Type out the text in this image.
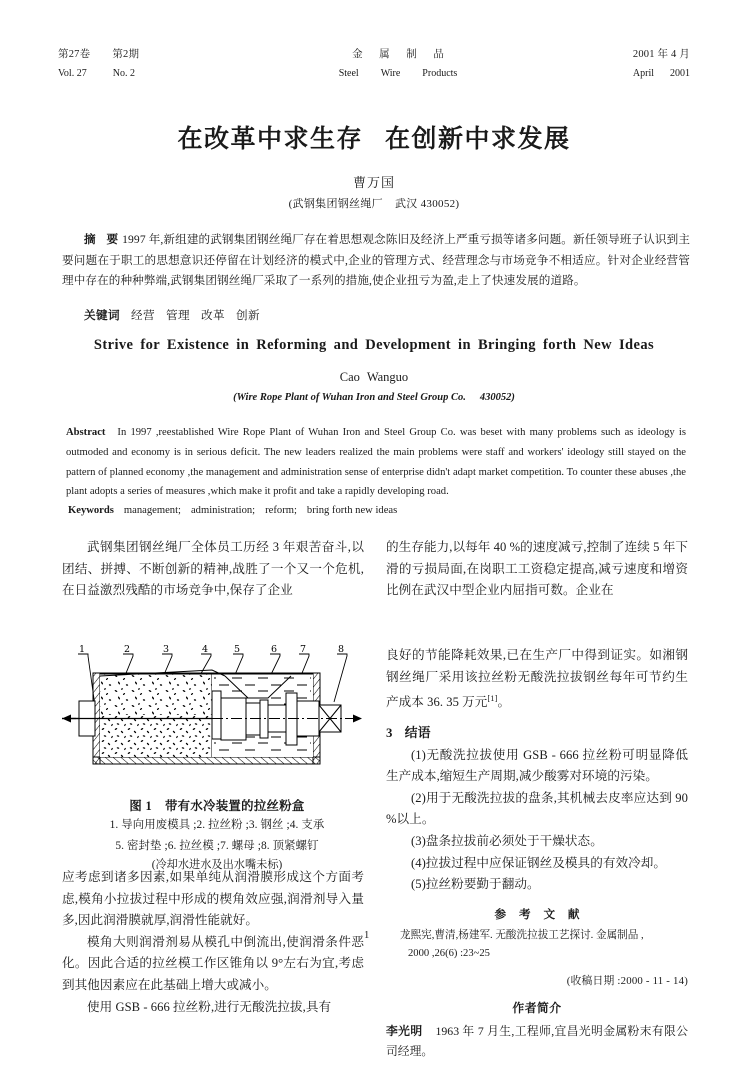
第27卷 第2期
Vol. 27	No. 2
金 属 制 品
Steel Wire Products
2001 年 4 月
April 2001
在改革中求生存 在创新中求发展
曹万国
(武钢集团钢丝绳厂 武汉 430052)
摘 要1997 年,新组建的武钢集团钢丝绳厂存在着思想观念陈旧及经济上严重亏损等诸多问题。新任领导班子认识到主要问题在于职工的思想意识还停留在计划经济的模式中,企业的管理方式、经营理念与市场竞争不相适应。针对企业经营管理中存在的种种弊端,武钢集团钢丝绳厂采取了一系列的措施,使企业扭亏为盈,走上了快速发展的道路。
关键词 经营 管理 改革 创新
Strive for Existence in Reforming and Development in Bringing forth New Ideas
Cao Wanguo
(Wire Rope Plant of Wuhan Iron and Steel Group Co. 430052)
Abstract In 1997 ,reestablished Wire Rope Plant of Wuhan Iron and Steel Group Co. was beset with many problems such as ideology is outmoded and economy is in serious deficit. The new leaders realized the main problems were staff and workers' ideology still stayed on the pattern of planned economy ,the management and administration sense of enterprise didn't adapt market competition. To counter these abuses ,the plant adopts a series of measures ,which make it profit and take a rapidly developing road.
Keywords management; administration; reform; bring forth new ideas

武钢集团钢丝绳厂全体员工历经 3 年艰苦奋斗,以团结、拼搏、不断创新的精神,战胜了一个又一个危机,在日益激烈残酷的市场竞争中,保存了企业

1	2	3	4	5	6 7	8
图 1 带有水冷装置的拉丝粉盒
1. 导向用废模具 ;2. 拉丝粉 ;3. 钢丝 ;4. 支承
5. 密封垫 ;6. 拉丝模 ;7. 螺母 ;8. 顶紧螺钉
(冷却水进水及出水嘴未标)

应考虑到诸多因素,如果单纯从润滑膜形成这个方面考虑,模角小拉拔过程中形成的楔角效应强,润滑剂导入量多,因此润滑膜就厚,润滑性能就好。

模角大则润滑剂易从模孔中倒流出,使润滑条件恶化。因此合适的拉丝模工作区锥角以 9°左右为宜,考虑到其他因素应在此基础上增大或减小。

使用 GSB - 666 拉丝粉,进行无酸洗拉拔,具有

的生存能力,以每年 40 %的速度减亏,控制了连续 5 年下滑的亏损局面,在岗职工工资稳定提高,减亏速度和增资比例在武汉中型企业内屈指可数。企业在

良好的节能降耗效果,已在生产厂中得到证实。如湘钢钢丝绳厂采用该拉丝粉无酸洗拉拔钢丝每年可节约生产成本 36. 35 万元[1]。

3 结语

(1)无酸洗拉拔使用 GSB - 666 拉丝粉可明显降低生产成本,缩短生产周期,减少酸雾对环境的污染。

(2)用于无酸洗拉拔的盘条,其机械去皮率应达到 90 %以上。

(3)盘条拉拔前必须处于干燥状态。

(4)拉拔过程中应保证钢丝及模具的有效冷却。

(5)拉丝粉要勤于翻动。

参 考 文 献
1	龙熙宪,曹清,杨建军. 无酸洗拉拔工艺探讨. 金属制品 ,
2000 ,26(6) :23~25
(收稿日期 :2000 - 11 - 14)
作者简介
李光明 1963 年 7 月生,工程师,宜昌光明金属粉末有限公司经理。
